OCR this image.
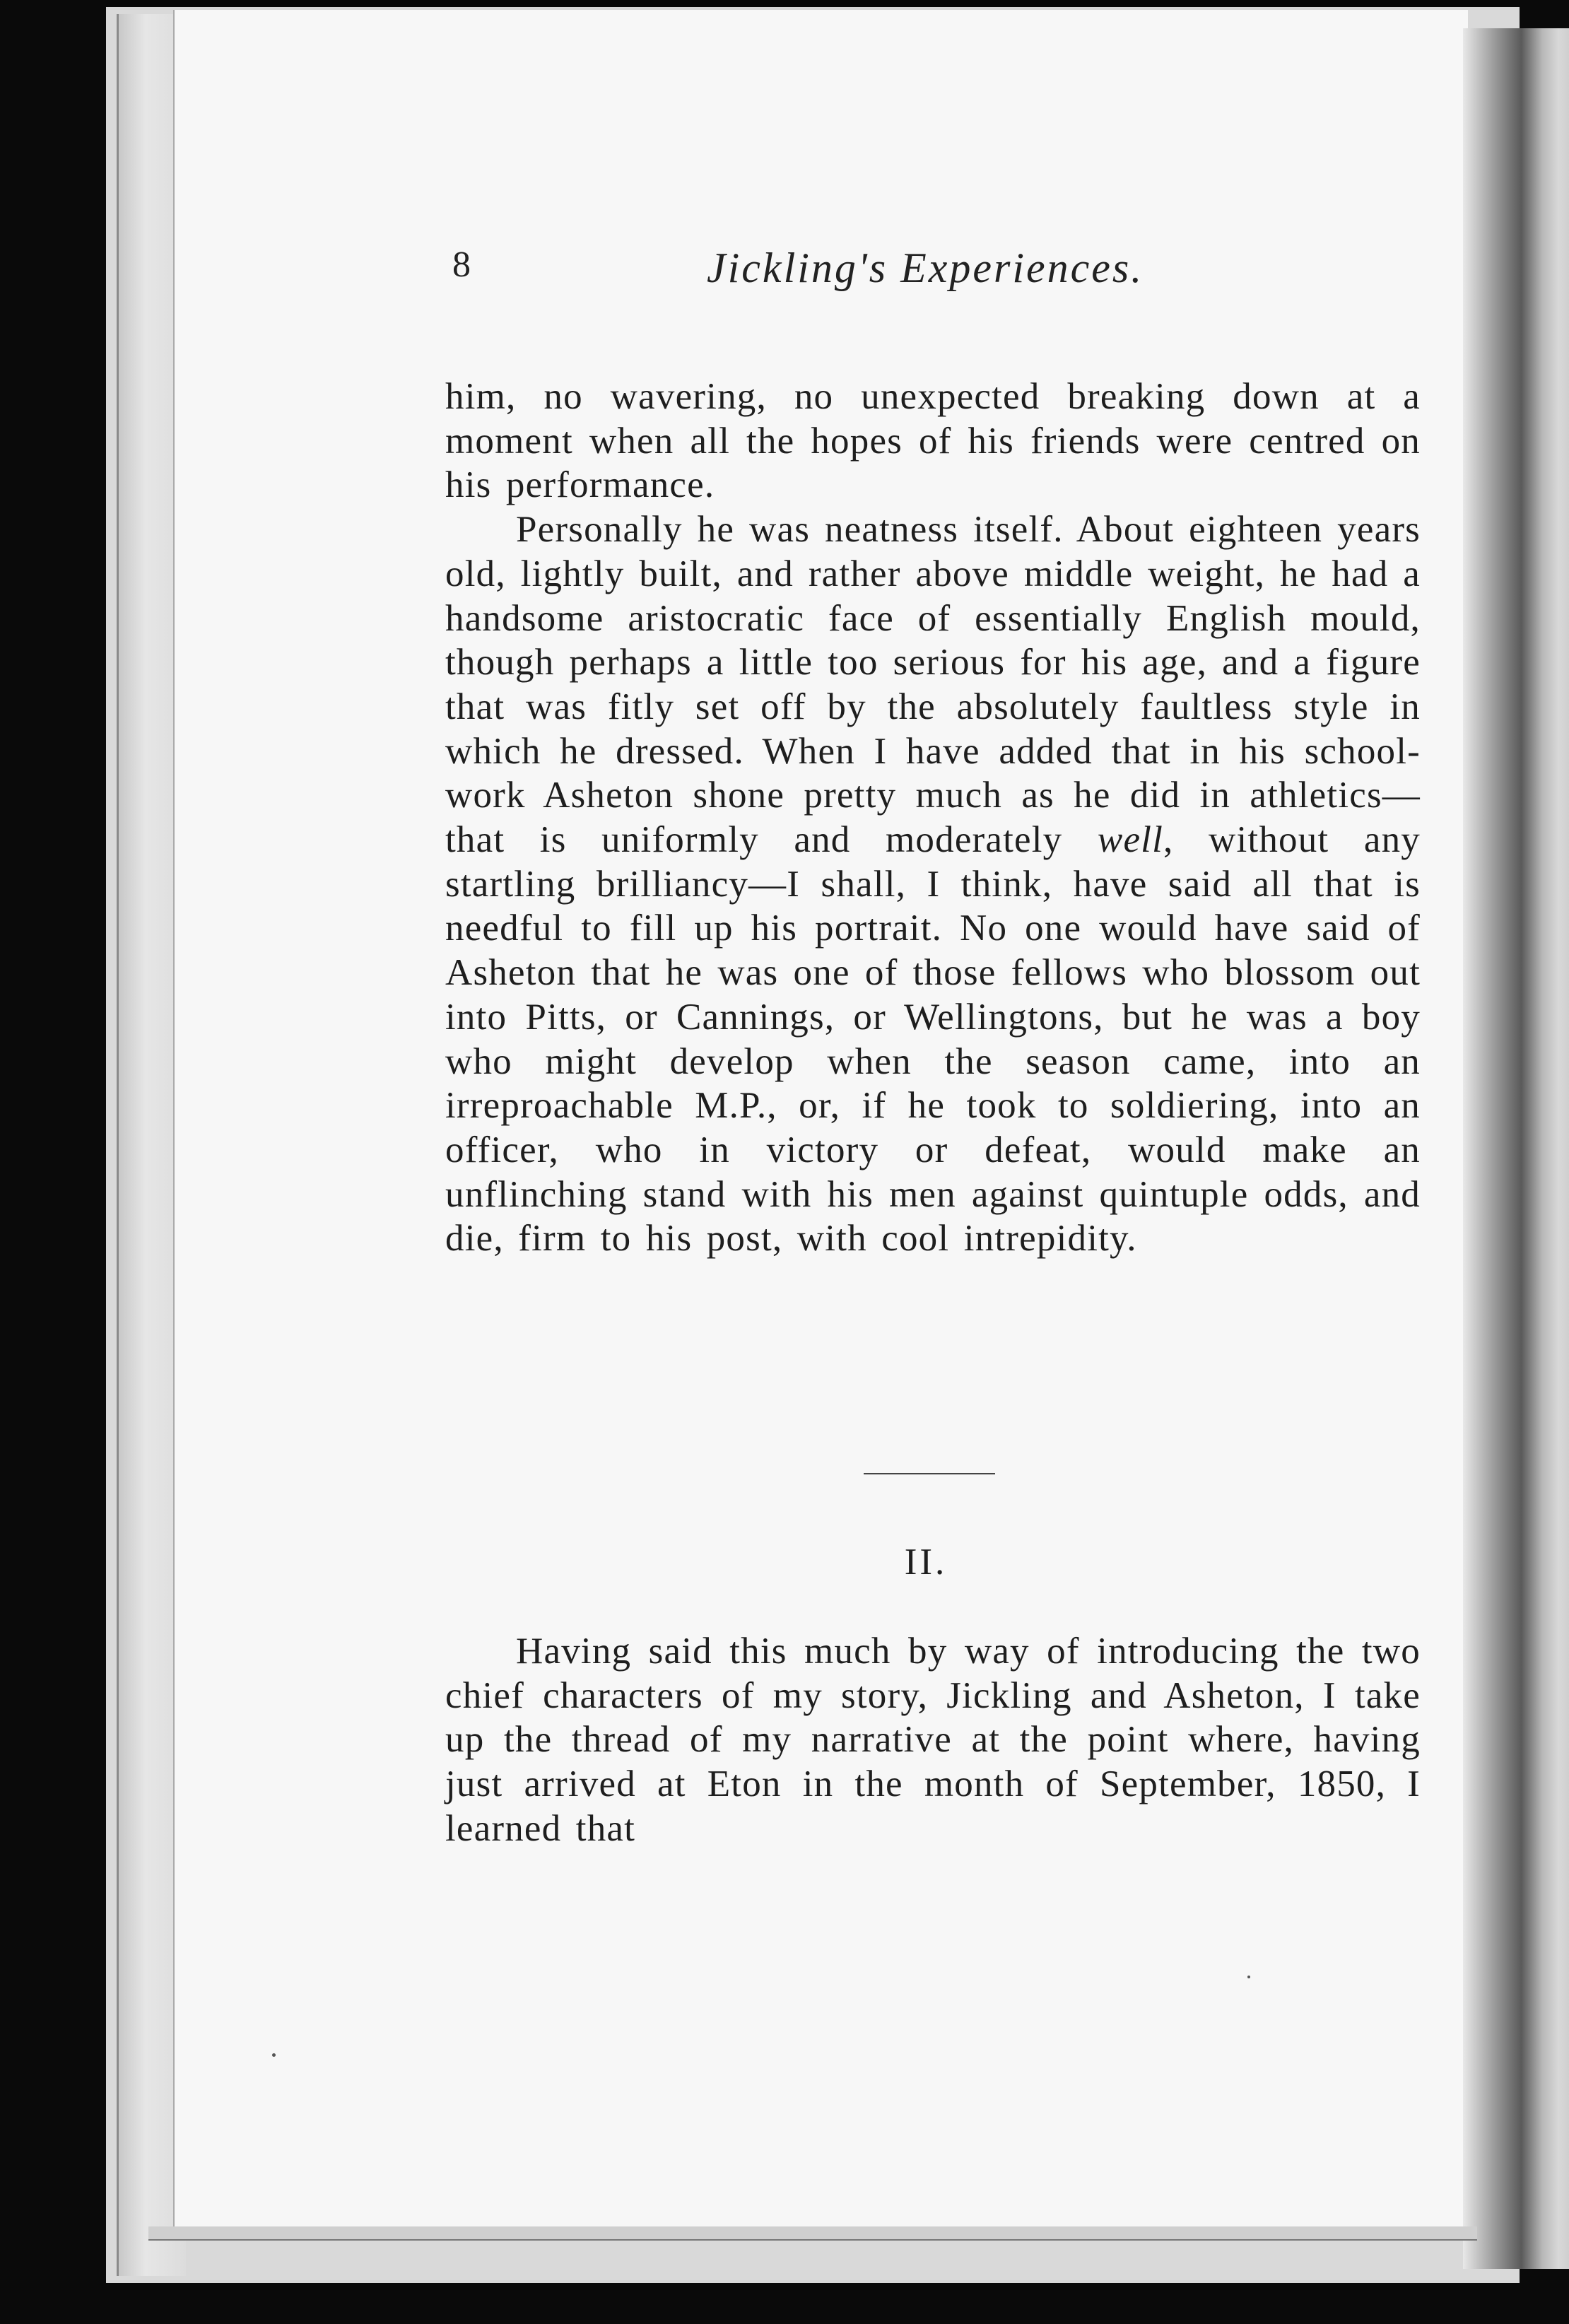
8	Jickling's Experiences.

him, no wavering, no unexpected breaking down at a moment when all the hopes of his friends were centred on his performance.

Personally he was neatness itself. About eighteen years old, lightly built, and rather above middle weight, he had a handsome aristocratic face of essentially English mould, though perhaps a little too serious for his age, and a figure that was fitly set off by the absolutely faultless style in which he dressed. When I have added that in his school-work Asheton shone pretty much as he did in athletics—that is uniformly and moderately well, without any startling brilliancy—I shall, I think, have said all that is needful to fill up his portrait. No one would have said of Asheton that he was one of those fellows who blossom out into Pitts, or Cannings, or Wellingtons, but he was a boy who might develop when the season came, into an irreproachable M.P., or, if he took to soldiering, into an officer, who in victory or defeat, would make an unflinching stand with his men against quintuple odds, and die, firm to his post, with cool intrepidity.

II.

Having said this much by way of introducing the two chief characters of my story, Jickling and Asheton, I take up the thread of my narrative at the point where, having just arrived at Eton in the month of September, 1850, I learned that
